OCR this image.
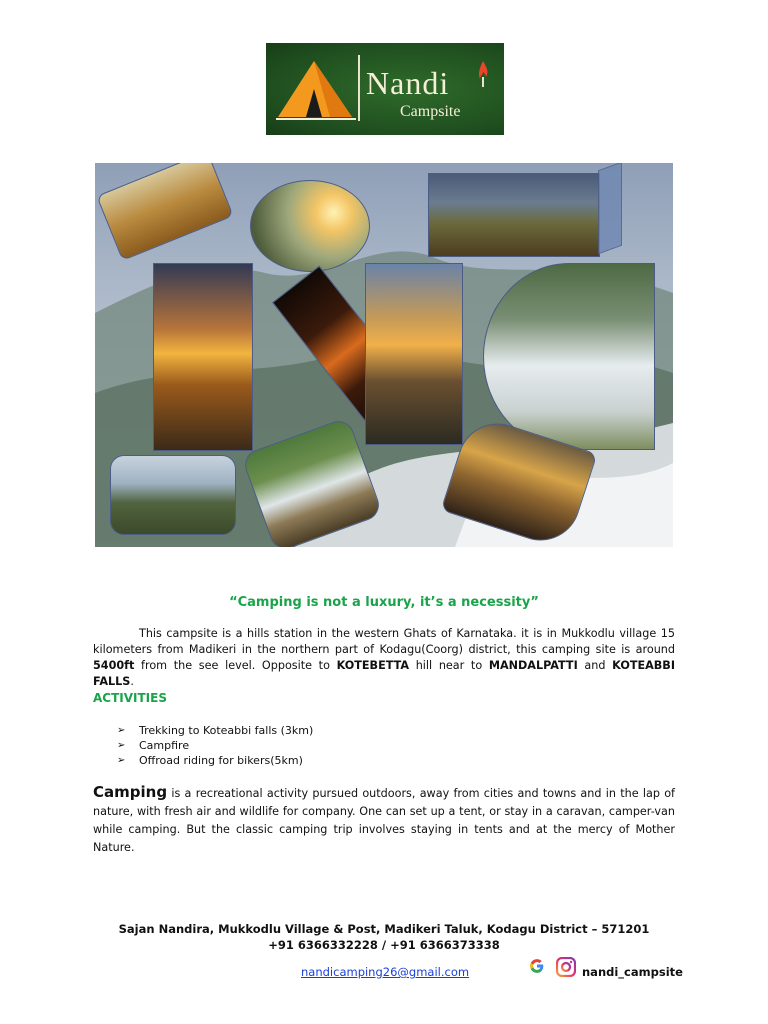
Nandi
Campsite
“Camping is not a luxury, it’s a necessity”
This campsite is a hills station in the western Ghats of Karnataka. it is in Mukkodlu village 15 kilometers from Madikeri in the northern part of Kodagu(Coorg) district, this camping site is around 5400ft from the see level. Opposite to KOTEBETTA hill near to MANDALPATTI and KOTEABBI FALLS.
ACTIVITIES
➢ Trekking to Koteabbi falls (3km)
➢ Campfire
➢ Offroad riding for bikers(5km)
Camping is a recreational activity pursued outdoors, away from cities and towns and in the lap of nature, with fresh air and wildlife for company. One can set up a tent, or stay in a caravan, camper-van while camping. But the classic camping trip involves staying in tents and at the mercy of Mother Nature.
Sajan Nandira, Mukkodlu Village & Post, Madikeri Taluk, Kodagu District – 571201
+91 6366332228 / +91 6366373338
nandicamping26@gmail.com	nandi_campsite
